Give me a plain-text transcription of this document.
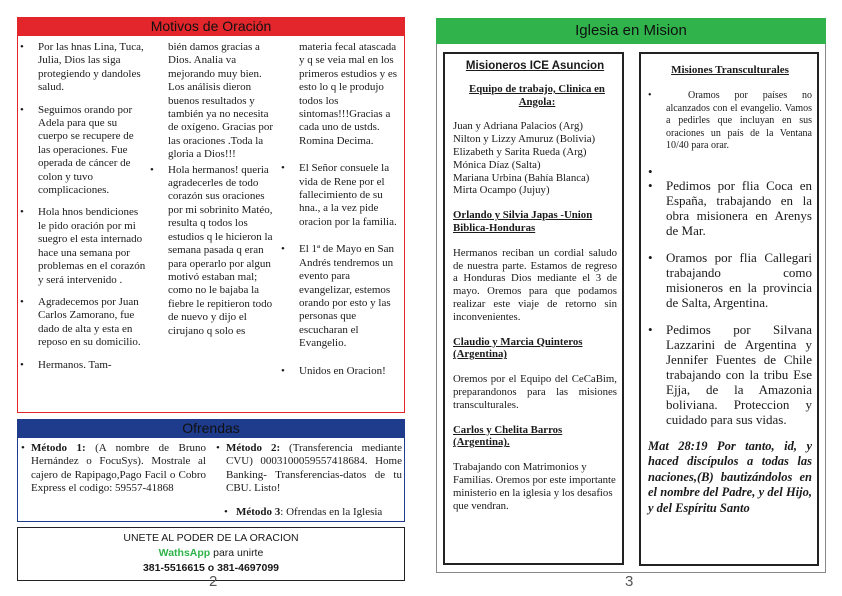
Motivos de Oración
• Por las hnas Lina, Tuca, Julia, Dios las siga protegiendo y dandoles salud.
• Seguimos orando por Adela para que su cuerpo se recupere de las operaciones. Fue operada de cáncer de colon y tuvo complicaciones.
• Hola hnos bendiciones le pido oración por mi suegro el esta internado hace una semana por problemas en el corazón y será intervenido .
• Agradecemos por Juan Carlos Zamorano, fue dado de alta y esta en reposo en su domicilio.
• Hermanos. Tam-
bién damos gracias a Dios. Analia va mejorando muy bien. Los análisis dieron buenos resultados y también ya no necesita de oxígeno. Gracias por las oraciones .Toda la gloria a Dios!!!
• Hola hermanos! queria agradecerles de todo corazón sus oraciones por mi sobrinito Matéo, resulta q todos los estudios q le hicieron la semana pasada q eran para operarlo por algun motivó estaban mal; como no le bajaba la fiebre le repitieron todo de nuevo y dijo el cirujano q solo es
materia fecal atascada y q se veia mal en los primeros estudios y es esto lo q le produjo todos los sintomas!!!Gracias a cada uno de ustds. Romina Decima.
• El Señor consuele la vida de Rene por el fallecimiento de su hna., a la vez pide oracion por la familia.
• El 1ª de Mayo en San Andrés tendremos un evento para evangelizar, estemos orando por esto y las personas que escucharan el Evangelio.
• Unidos en Oracion!
Ofrendas
• Método 1: (A nombre de Bruno Hernández o FocuSys). Mostrale al cajero de Rapipago,Pago Facil o Cobro Express el codigo: 59557-41868
• Método 2: (Transferencia mediante CVU) 0003100059557418684. Home Banking- Transferencias-datos de tu CBU. Listo!
• Método 3: Ofrendas en la Iglesia
UNETE AL PODER DE LA ORACION
WathsApp para unirte
381-5516615 o 381-4697099
2
Iglesia en Mision
Misioneros ICE Asuncion
Equipo de trabajo, Clinica en Angola:
Juan y Adriana Palacios (Arg)
Nilton y Lizzy Amuruz (Bolivia)
Elizabeth y Sarita Rueda (Arg)
Mónica Díaz (Salta)
Mariana Urbina (Bahía Blanca)
Mirta Ocampo (Jujuy)
Orlando y Silvia Japas -Union Biblica-Honduras
Hermanos reciban un cordial saludo de nuestra parte. Estamos de regreso a Honduras Dios mediante el 3 de mayo. Oremos para que podamos realizar este viaje de retorno sin inconvenientes.
Claudio y Marcia Quinteros (Argentina)
Oremos por el Equipo del CeCaBim, preparandonos para las misiones transculturales.
Carlos y Chelita Barros (Argentina).
Trabajando con Matrimonios y Familias. Oremos por este importante ministerio en la iglesia y los desafios que vendran.
Misiones Transculturales
•	Oramos por países no alcanzados con el evangelio. Vamos a pedirles que incluyan en sus oraciones un país de la Ventana 10/40 para orar.
•
• Pedimos por flia Coca en España, trabajando en la obra misionera en Arenys de Mar.
• Oramos por flia Callegari trabajando como misioneros en la provincia de Salta, Argentina.
• Pedimos por Silvana Lazzarini de Argentina y Jennifer Fuentes de Chile trabajando con la tribu Ese Ejja, de la Amazonia boliviana. Proteccion y cuidado para sus vidas.
Mat 28:19 Por tanto, id, y haced discípulos a todas las naciones,(B) bautizándolos en el nombre del Padre, y del Hijo, y del Espíritu Santo
3
